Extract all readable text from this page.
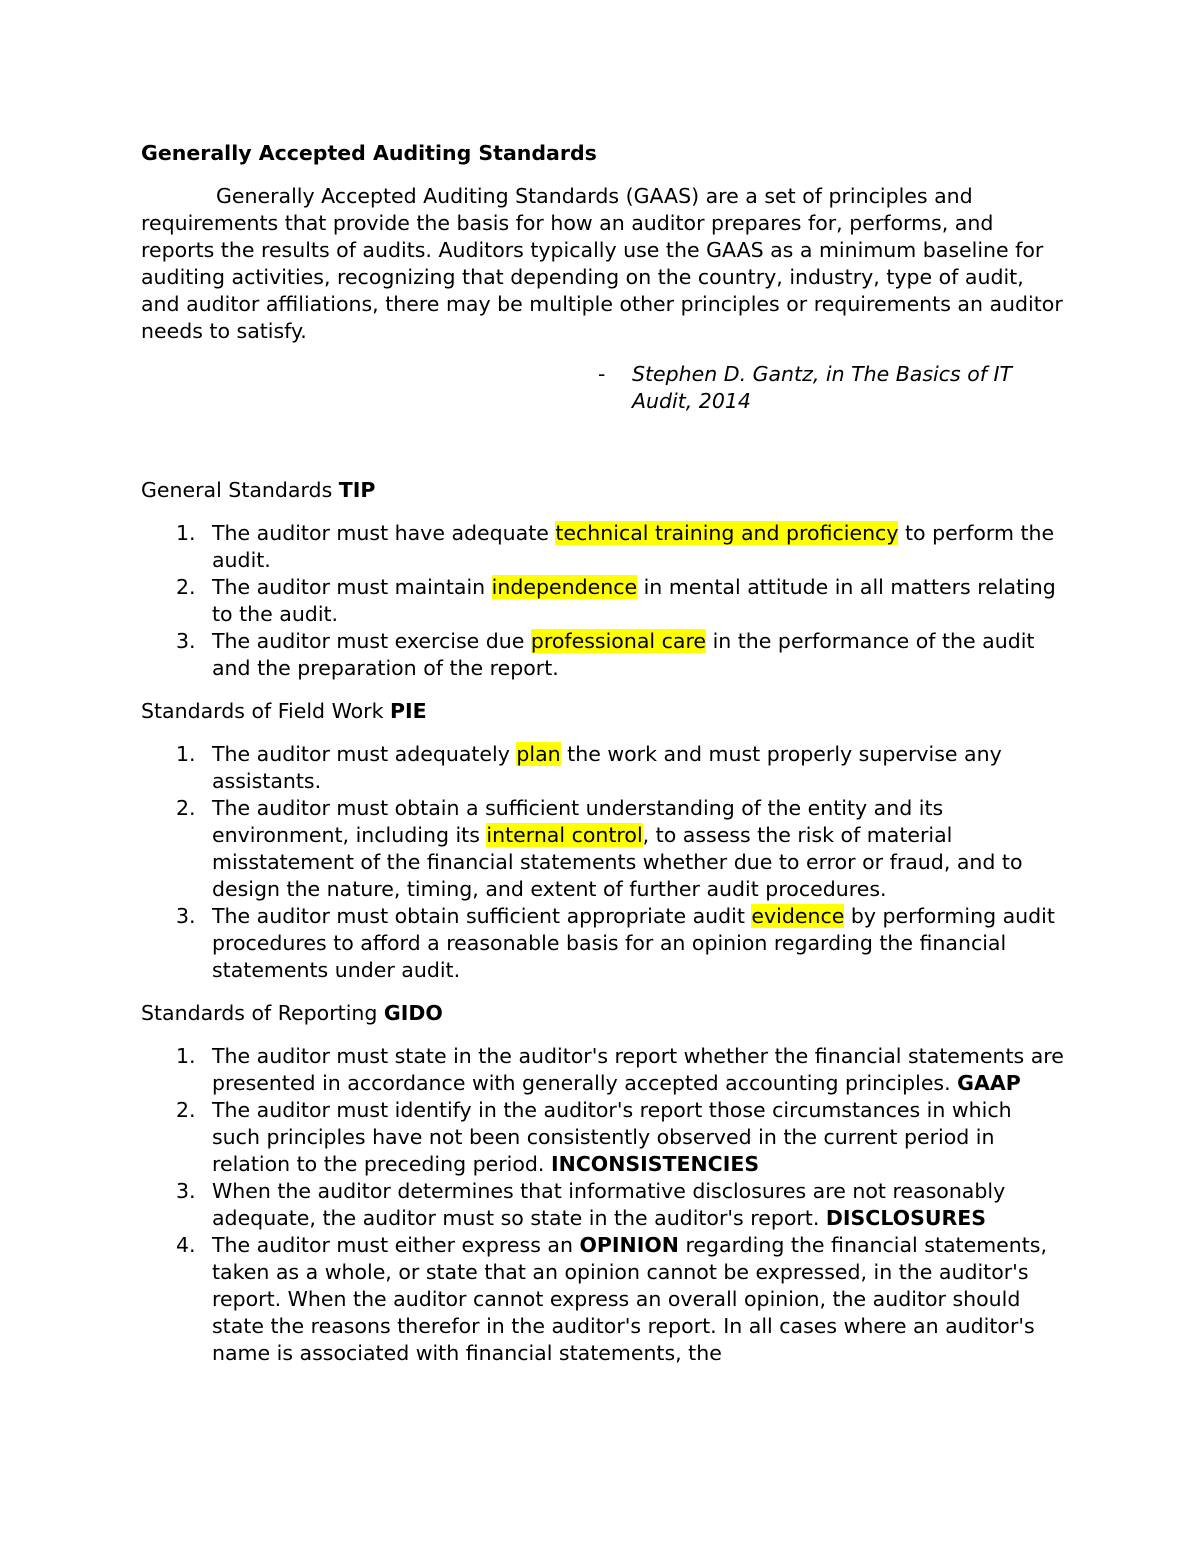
Generally Accepted Auditing Standards
Generally Accepted Auditing Standards (GAAS) are a set of principles and requirements that provide the basis for how an auditor prepares for, performs, and reports the results of audits. Auditors typically use the GAAS as a minimum baseline for auditing activities, recognizing that depending on the country, industry, type of audit, and auditor affiliations, there may be multiple other principles or requirements an auditor needs to satisfy.
- Stephen D. Gantz, in The Basics of IT Audit, 2014
General Standards TIP
1. The auditor must have adequate technical training and proficiency to perform the audit.
2. The auditor must maintain independence in mental attitude in all matters relating to the audit.
3. The auditor must exercise due professional care in the performance of the audit and the preparation of the report.
Standards of Field Work PIE
1. The auditor must adequately plan the work and must properly supervise any assistants.
2. The auditor must obtain a sufficient understanding of the entity and its environment, including its internal control, to assess the risk of material misstatement of the financial statements whether due to error or fraud, and to design the nature, timing, and extent of further audit procedures.
3. The auditor must obtain sufficient appropriate audit evidence by performing audit procedures to afford a reasonable basis for an opinion regarding the financial statements under audit.
Standards of Reporting GIDO
1. The auditor must state in the auditor's report whether the financial statements are presented in accordance with generally accepted accounting principles. GAAP
2. The auditor must identify in the auditor's report those circumstances in which such principles have not been consistently observed in the current period in relation to the preceding period. INCONSISTENCIES
3. When the auditor determines that informative disclosures are not reasonably adequate, the auditor must so state in the auditor's report. DISCLOSURES
4. The auditor must either express an OPINION regarding the financial statements, taken as a whole, or state that an opinion cannot be expressed, in the auditor's report. When the auditor cannot express an overall opinion, the auditor should state the reasons therefor in the auditor's report. In all cases where an auditor's name is associated with financial statements, the
